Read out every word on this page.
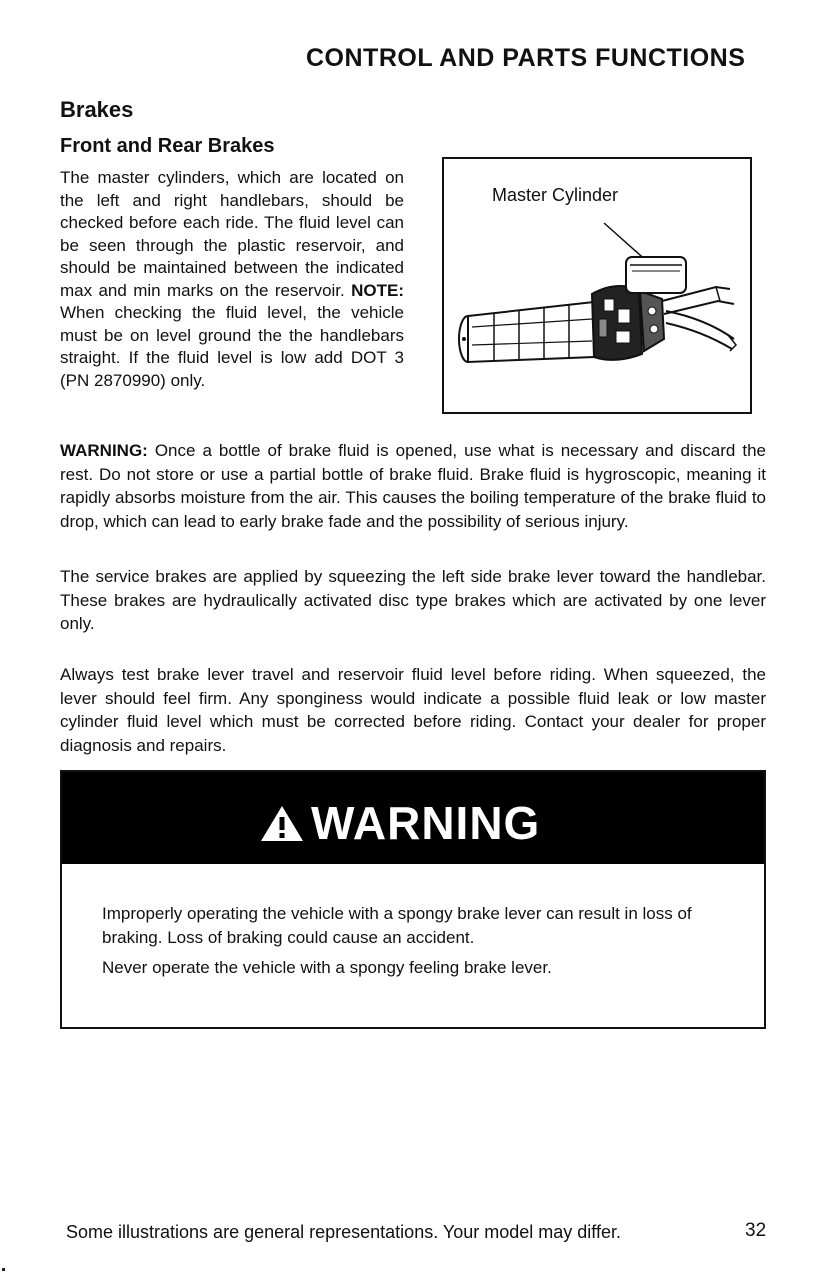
CONTROL AND PARTS FUNCTIONS
Brakes
Front and Rear Brakes
The master cylinders, which are located on the left and right handlebars, should be checked before each ride. The fluid level can be seen through the plastic reservoir, and should be maintained between the indicated max and min marks on the reservoir. NOTE: When checking the fluid level, the vehicle must be on level ground the the handlebars straight. If the fluid level is low add DOT 3 (PN 2870990) only.
Master Cylinder
WARNING: Once a bottle of brake fluid is opened, use what is necessary and discard the rest. Do not store or use a partial bottle of brake fluid. Brake fluid is hygroscopic, meaning it rapidly absorbs moisture from the air. This causes the boiling temperature of the brake fluid to drop, which can lead to early brake fade and the possibility of serious injury.
The service brakes are applied by squeezing the left side brake lever toward the handlebar. These brakes are hydraulically activated disc type brakes which are activated by one lever only.
Always test brake lever travel and reservoir fluid level before riding. When squeezed, the lever should feel firm. Any sponginess would indicate a possible fluid leak or low master cylinder fluid level which must be corrected before riding. Contact your dealer for proper diagnosis and repairs.
WARNING

Improperly operating the vehicle with a spongy brake lever can result in loss of braking. Loss of braking could cause an accident.

Never operate the vehicle with a spongy feeling brake lever.

Some illustrations are general representations. Your model may differ.	32
